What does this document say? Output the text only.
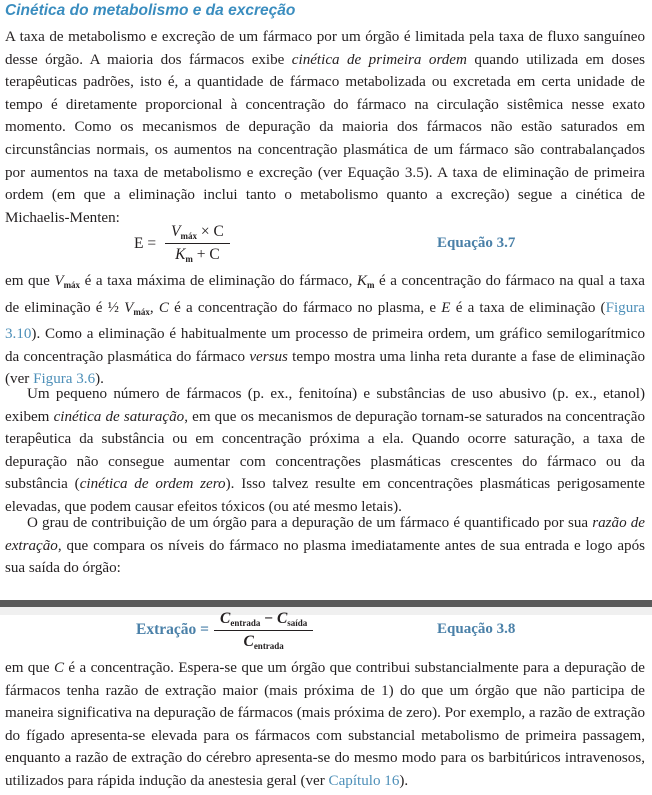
Cinética do metabolismo e da excreção

A taxa de metabolismo e excreção de um fármaco por um órgão é limitada pela taxa de fluxo sanguíneo desse órgão. A maioria dos fármacos exibe cinética de primeira ordem quando utilizada em doses terapêuticas padrões, isto é, a quantidade de fármaco metabolizada ou excretada em certa unidade de tempo é diretamente proporcional à concentração do fármaco na circulação sistêmica nesse exato momento. Como os mecanismos de depuração da maioria dos fármacos não estão saturados em circunstâncias normais, os aumentos na concentração plasmática de um fármaco são contrabalançados por aumentos na taxa de metabolismo e excreção (ver Equação 3.5). A taxa de eliminação de primeira ordem (em que a eliminação inclui tanto o metabolismo quanto a excreção) segue a cinética de Michaelis-Menten:

E =
$V_{máx} \times C$
$K_m + C$
Equação 3.7

em que $V_{máx}$ é a taxa máxima de eliminação do fármaco, $K_m$ é a concentração do fármaco na qual a taxa de eliminação é ½ $V_{máx}$, C é a concentração do fármaco no plasma, e E é a taxa de eliminação (Figura 3.10). Como a eliminação é habitualmente um processo de primeira ordem, um gráfico semilogarítmico da concentração plasmática do fármaco versus tempo mostra uma linha reta durante a fase de eliminação (ver Figura 3.6).

Um pequeno número de fármacos (p. ex., fenitoína) e substâncias de uso abusivo (p. ex., etanol) exibem cinética de saturação, em que os mecanismos de depuração tornam-se saturados na concentração terapêutica da substância ou em concentração próxima a ela. Quando ocorre saturação, a taxa de depuração não consegue aumentar com concentrações plasmáticas crescentes do fármaco ou da substância (cinética de ordem zero). Isso talvez resulte em concentrações plasmáticas perigosamente elevadas, que podem causar efeitos tóxicos (ou até mesmo letais).

O grau de contribuição de um órgão para a depuração de um fármaco é quantificado por sua razão de extração, que compara os níveis do fármaco no plasma imediatamente antes de sua entrada e logo após sua saída do órgão:

Extração =
$C_{entrada} - C_{saída}$
$C_{entrada}$
Equação 3.8

em que C é a concentração. Espera-se que um órgão que contribui substancialmente para a depuração de fármacos tenha razão de extração maior (mais próxima de 1) do que um órgão que não participa de maneira significativa na depuração de fármacos (mais próxima de zero). Por exemplo, a razão de extração do fígado apresenta-se elevada para os fármacos com substancial metabolismo de primeira passagem, enquanto a razão de extração do cérebro apresenta-se do mesmo modo para os barbitúricos intravenosos, utilizados para rápida indução da anestesia geral (ver Capítulo 16).
